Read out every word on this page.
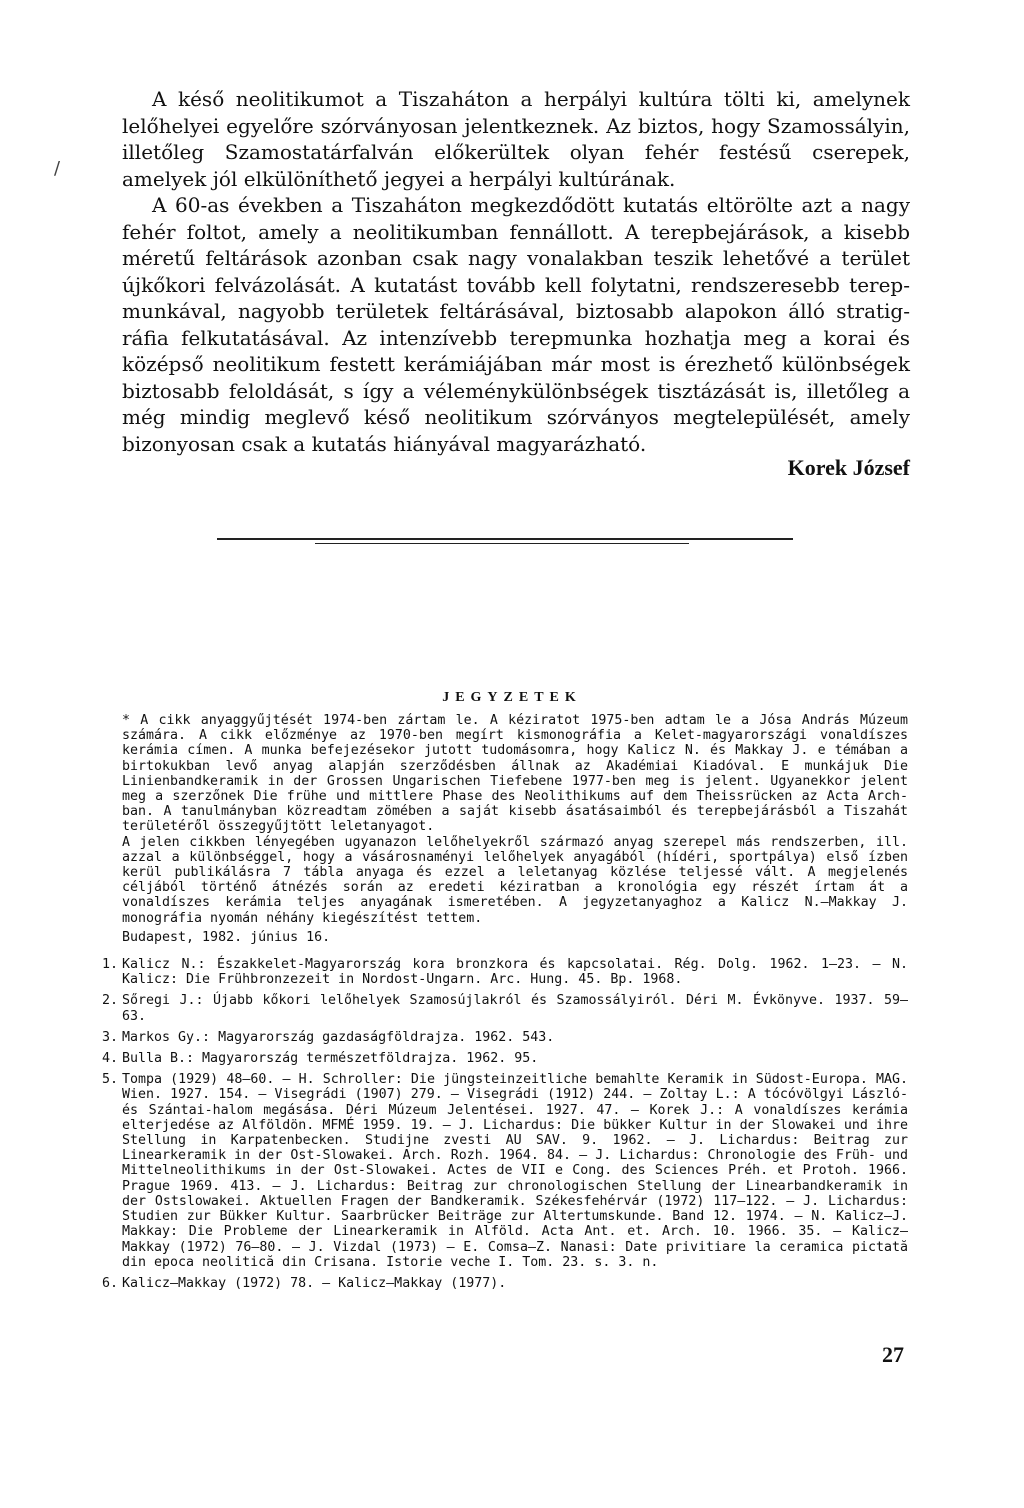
/

A késő neolitikumot a Tiszaháton a herpályi kultúra tölti ki, amelynek lelőhelyei egyelőre szórványosan jelentkeznek. Az biztos, hogy Szamossályin, illetőleg Szamostatárfalván előkerültek olyan fehér festésű cserepek, amelyek jól elkülöníthető jegyei a herpályi kultúrának.

A 60-as években a Tiszaháton megkezdődött kutatás eltörölte azt a nagy fehér foltot, amely a neolitikumban fennállott. A terepbejárások, a kisebb méretű feltárások azonban csak nagy vonalakban teszik lehetővé a terület újkőkori felvázolását. A kutatást tovább kell folytatni, rendszeresebb terepmunkával, nagyobb területek feltárásával, biztosabb alapokon álló stratigráfia felkutatásával. Az intenzívebb terepmunka hozhatja meg a korai és középső neolitikum festett kerámiájában már most is érezhető különbségek biztosabb feloldását, s így a véleménykülönbségek tisztázását is, illetőleg a még mindig meglevő késő neolitikum szórványos megtelepülését, amely bizonyosan csak a kutatás hiányával magyarázható.

Korek József
JEGYZETEK

* A cikk anyaggyűjtését 1974-ben zártam le. A kéziratot 1975-ben adtam le a Jósa András Múzeum számára. A cikk előzménye az 1970-ben megírt kismonográfia a Kelet-magyarországi vonaldíszes kerámia címen. A munka befejezésekor jutott tudomásomra, hogy Kalicz N. és Makkay J. e témában a birtokukban levő anyag alapján szerződésben állnak az Akadémiai Kiadóval. E munkájuk Die Linienbandkeramik in der Grossen Ungarischen Tiefebene 1977-ben meg is jelent. Ugyanekkor jelent meg a szerzőnek Die frühe und mittlere Phase des Neolithikums auf dem Theissrücken az Acta Arch-ban. A tanulmányban közreadtam zömében a saját kisebb ásatásaimból és terepbejárásból a Tiszahát területéről összegyűjtött leletanyagot.

A jelen cikkben lényegében ugyanazon lelőhelyekről származó anyag szerepel más rendszerben, ill. azzal a különbséggel, hogy a vásárosnaményi lelőhelyek anyagából (hídéri, sportpálya) első ízben kerül publikálásra 7 tábla anyaga és ezzel a leletanyag közlése teljessé vált. A megjelenés céljából történő átnézés során az eredeti kéziratban a kronológia egy részét írtam át a vonaldíszes kerámia teljes anyagának ismeretében. A jegyzetanyaghoz a Kalicz N.—Makkay J. monográfia nyomán néhány kiegészítést tettem.

Budapest, 1982. június 16.

1. Kalicz N.: Északkelet-Magyarország kora bronzkora és kapcsolatai. Rég. Dolg. 1962. 1—23. — N. Kalicz: Die Frühbronzezeit in Nordost-Ungarn. Arc. Hung. 45. Bp. 1968.
2. Sőregi J.: Újabb kőkori lelőhelyek Szamosújlakról és Szamossályiról. Déri M. Évkönyve. 1937. 59—63.
3. Markos Gy.: Magyarország gazdaságföldrajza. 1962. 543.
4. Bulla B.: Magyarország természetföldrajza. 1962. 95.
5. Tompa (1929) 48—60. — H. Schroller: Die jüngsteinzeitliche bemahlte Keramik in Südost-Europa. MAG. Wien. 1927. 154. — Visegrádi (1907) 279. — Visegrádi (1912) 244. — Zoltay L.: A tócóvölgyi László- és Szántai-halom megásása. Déri Múzeum Jelentései. 1927. 47. — Korek J.: A vonaldíszes kerámia elterjedése az Alföldön. MFMÉ 1959. 19. — J. Lichardus: Die bükker Kultur in der Slowakei und ihre Stellung in Karpatenbecken. Studijne zvesti AU SAV. 9. 1962. — J. Lichardus: Beitrag zur Linearkeramik in der Ost-Slowakei. Arch. Rozh. 1964. 84. — J. Lichardus: Chronologie des Früh- und Mittelneolithikums in der Ost-Slowakei. Actes de VII e Cong. des Sciences Préh. et Protoh. 1966. Prague 1969. 413. — J. Lichardus: Beitrag zur chronologischen Stellung der Linearbandkeramik in der Ostslowakei. Aktuellen Fragen der Bandkeramik. Székesfehérvár (1972) 117—122. — J. Lichardus: Studien zur Bükker Kultur. Saarbrücker Beiträge zur Altertumskunde. Band 12. 1974. — N. Kalicz—J. Makkay: Die Probleme der Linearkeramik in Alföld. Acta Ant. et. Arch. 10. 1966. 35. — Kalicz—Makkay (1972) 76—80. — J. Vizdal (1973) — E. Comsa—Z. Nanasi: Date privitiare la ceramica pictată din epoca neolitică din Crisana. Istorie veche I. Tom. 23. s. 3. n.
6. Kalicz—Makkay (1972) 78. — Kalicz—Makkay (1977).
27
